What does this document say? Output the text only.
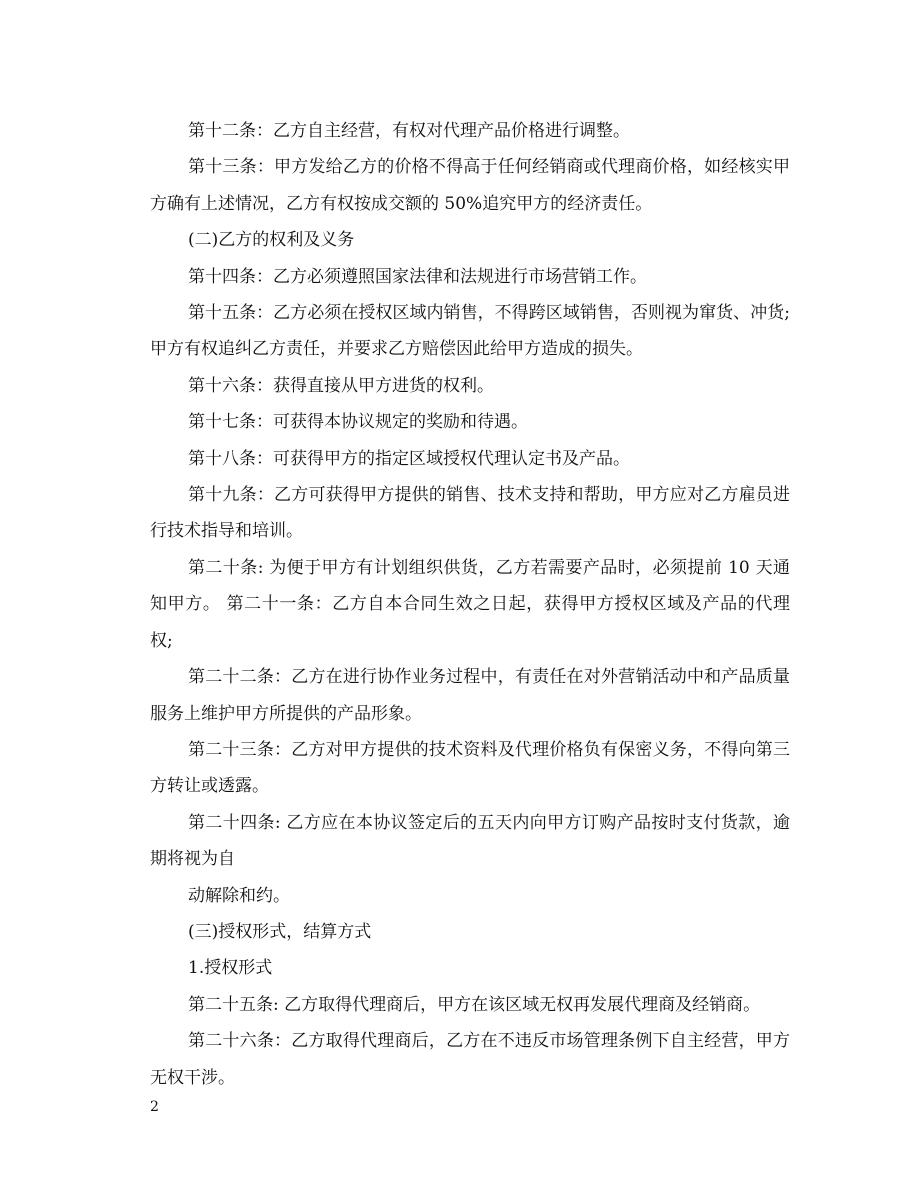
第十二条：乙方自主经营，有权对代理产品价格进行调整。

第十三条：甲方发给乙方的价格不得高于任何经销商或代理商价格，如经核实甲方确有上述情况，乙方有权按成交额的 50%追究甲方的经济责任。

(二)乙方的权利及义务

第十四条：乙方必须遵照国家法律和法规进行市场营销工作。

第十五条：乙方必须在授权区域内销售，不得跨区域销售，否则视为窜货、冲货;甲方有权追纠乙方责任，并要求乙方赔偿因此给甲方造成的损失。

第十六条：获得直接从甲方进货的权利。

第十七条：可获得本协议规定的奖励和待遇。

第十八条：可获得甲方的指定区域授权代理认定书及产品。

第十九条：乙方可获得甲方提供的销售、技术支持和帮助，甲方应对乙方雇员进行技术指导和培训。

第二十条: 为便于甲方有计划组织供货，乙方若需要产品时，必须提前 10 天通知甲方。 第二十一条：乙方自本合同生效之日起，获得甲方授权区域及产品的代理权;

第二十二条：乙方在进行协作业务过程中，有责任在对外营销活动中和产品质量服务上维护甲方所提供的产品形象。

第二十三条：乙方对甲方提供的技术资料及代理价格负有保密义务，不得向第三方转让或透露。

第二十四条: 乙方应在本协议签定后的五天内向甲方订购产品按时支付货款，逾期将视为自

动解除和约。

(三)授权形式，结算方式

1.授权形式

第二十五条: 乙方取得代理商后，甲方在该区域无权再发展代理商及经销商。

第二十六条：乙方取得代理商后，乙方在不违反市场管理条例下自主经营，甲方无权干涉。

2
